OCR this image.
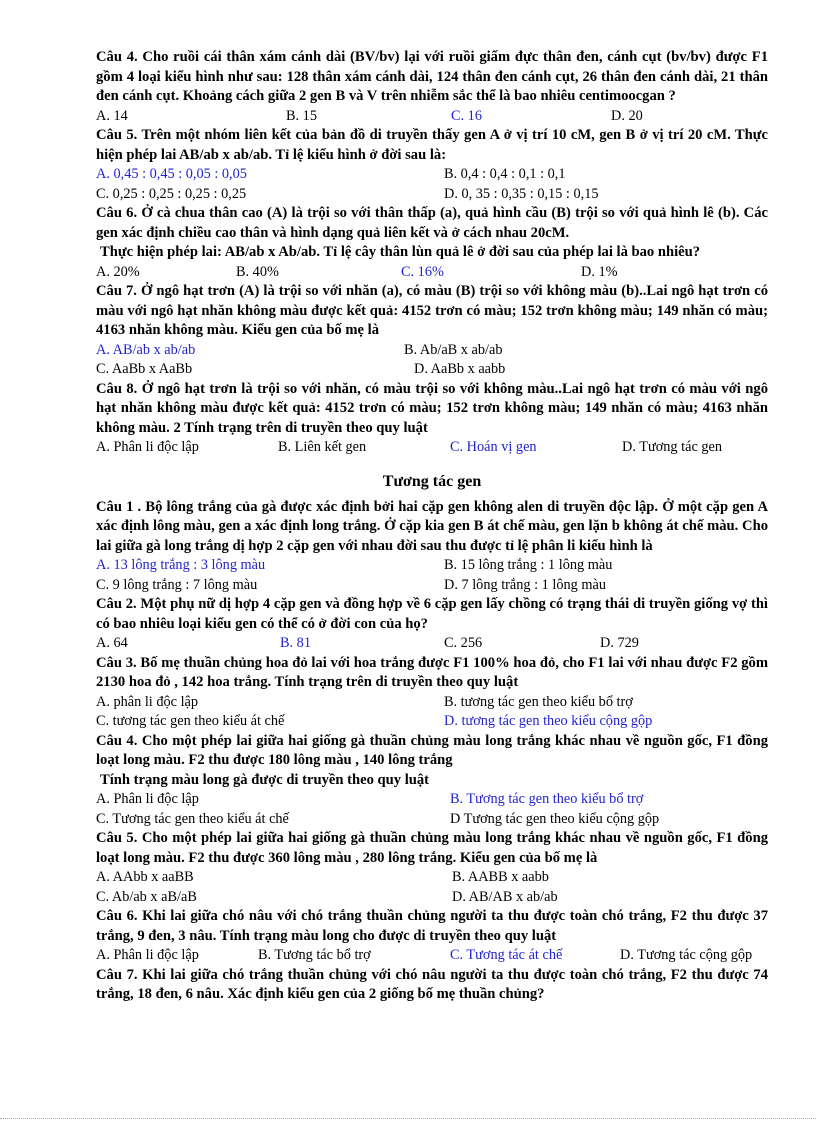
Câu 4. Cho ruồi cái thân xám cánh dài (BV/bv) lại với ruồi giấm đực thân đen, cánh cụt (bv/bv) được F1 gồm 4 loại kiểu hình như sau: 128 thân xám cánh dài, 124 thân đen cánh cụt, 26 thân đen cánh dài, 21 thân đen cánh cụt. Khoảng cách giữa 2 gen B và V trên nhiễm sắc thể là bao nhiêu centimoocgan ?

A. 14	B. 15	C. 16	D. 20

Câu 5. Trên một nhóm liên kết của bản đồ di truyền thấy gen A ở vị trí 10 cM, gen B ở vị trí 20 cM. Thực hiện phép lai AB/ab x ab/ab. Tỉ lệ kiểu hình ở đời sau là:

A. 0,45 : 0,45 : 0,05 : 0,05	B. 0,4 : 0,4 : 0,1 : 0,1
C. 0,25 : 0,25 : 0,25 : 0,25	D. 0, 35 : 0,35 : 0,15 : 0,15

Câu 6. Ở cà chua thân cao (A) là trội so với thân thấp (a), quả hình cầu (B) trội so với quả hình lê (b). Các gen xác định chiều cao thân và hình dạng quả liên kết và ở cách nhau 20cM.

Thực hiện phép lai: AB/ab x Ab/ab. Tỉ lệ cây thân lùn quả lê ở đời sau của phép lai là bao nhiêu?

A. 20%	B. 40%	C. 16%	D. 1%

Câu 7. Ở ngô hạt trơn (A) là trội so với nhăn (a), có màu (B) trội so với không màu (b)..Lai ngô hạt trơn có màu với ngô hạt nhăn không màu được kết quả: 4152 trơn có màu; 152 trơn không màu; 149 nhăn có màu; 4163 nhăn không màu. Kiểu gen của bố mẹ là

A. AB/ab x ab/ab	B. Ab/aB x ab/ab
C. AaBb x AaBb	D. AaBb x aabb

Câu 8. Ở ngô hạt trơn là trội so với nhăn, có màu trội so với không màu..Lai ngô hạt trơn có màu với ngô hạt nhăn không màu được kết quả: 4152 trơn có màu; 152 trơn không màu; 149 nhăn có màu; 4163 nhăn không màu. 2 Tính trạng trên di truyền theo quy luật

A. Phân li độc lập	B. Liên kết gen	C. Hoán vị gen	D. Tương tác gen
Tương tác gen

Câu 1 . Bộ lông trắng của gà được xác định bởi hai cặp gen không alen di truyền độc lập. Ở một cặp gen A xác định lông màu, gen a xác định long trắng. Ở cặp kia gen B át chế màu, gen lặn b không át chế màu. Cho lai giữa gà long trắng dị hợp 2 cặp gen với nhau đời sau thu được tỉ lệ phân li kiểu hình là

A. 13 lông trắng : 3 lông màu	B. 15 lông trắng : 1 lông màu
C. 9 lông trắng : 7 lông màu	D. 7 lông trắng : 1 lông màu

Câu 2. Một phụ nữ dị hợp 4 cặp gen và đồng hợp về 6 cặp gen lấy chồng có trạng thái di truyền giống vợ thì có bao nhiêu loại kiểu gen có thể có ở đời con của họ?

A. 64	B. 81	C. 256	D. 729

Câu 3. Bố mẹ thuần chủng hoa đỏ lai với hoa trắng được F1 100% hoa đỏ, cho F1 lai với nhau được F2 gồm 2130 hoa đỏ , 142 hoa trắng. Tính trạng trên di truyền theo quy luật

A. phân li độc lập	B. tương tác gen theo kiểu bổ trợ
C. tương tác gen theo kiểu át chế	D. tương tác gen theo kiểu cộng gộp

Câu 4. Cho một phép lai giữa hai giống gà thuần chủng màu long trắng khác nhau về nguồn gốc, F1 đồng loạt long màu. F2 thu được 180 lông màu , 140 lông trắng

Tính trạng màu long gà được di truyền theo quy luật

A. Phân li độc lập	B. Tương tác gen theo kiểu bổ trợ
C. Tương tác gen theo kiểu át chế	D Tương tác gen theo kiểu cộng gộp

Câu 5. Cho một phép lai giữa hai giống gà thuần chủng màu long trắng khác nhau về nguồn gốc, F1 đồng loạt long màu. F2 thu được 360 lông màu , 280 lông trắng. Kiểu gen của bố mẹ là

A. AAbb x aaBB	B. AABB x aabb
C. Ab/ab x aB/aB	D. AB/AB x ab/ab

Câu 6. Khi lai giữa chó nâu với chó trắng thuần chủng người ta thu được toàn chó trắng, F2 thu được 37 trắng, 9 đen, 3 nâu. Tính trạng màu long cho được di truyền theo quy luật

A. Phân li độc lập	B. Tương tác bổ trợ	C. Tương tác át chế	D. Tương tác cộng gộp

Câu 7. Khi lai giữa chó trắng thuần chủng với chó nâu người ta thu được toàn chó trắng, F2 thu được 74 trắng, 18 đen, 6 nâu. Xác định kiểu gen của 2 giống bố mẹ thuần chủng?
